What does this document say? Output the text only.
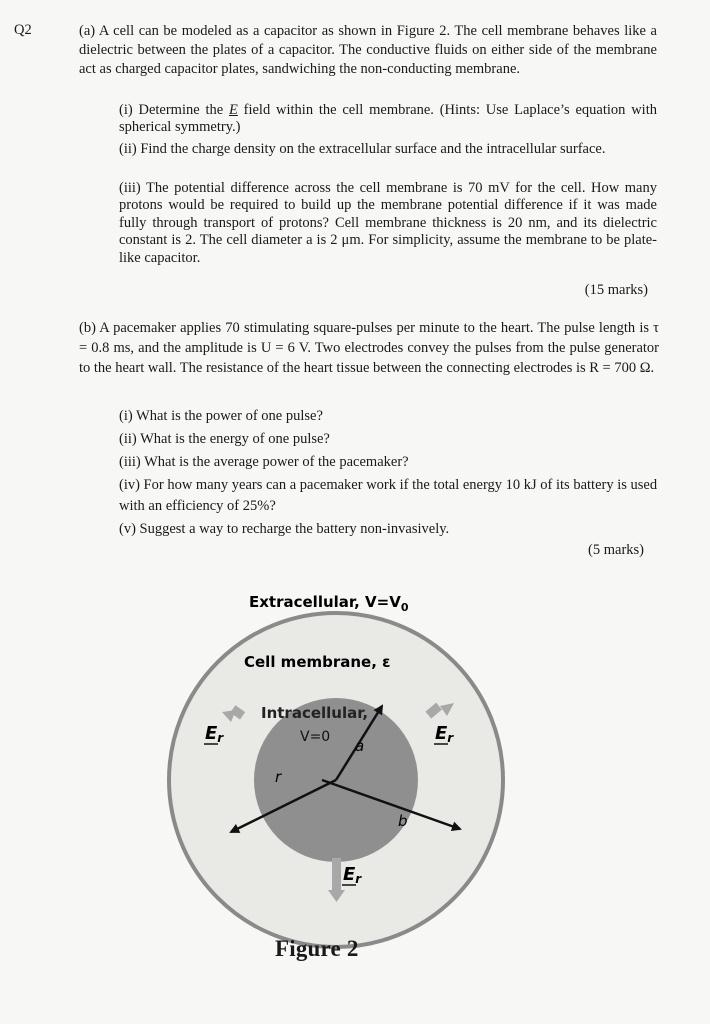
Q2	(a) A cell can be modeled as a capacitor as shown in Figure 2. The cell membrane behaves like a dielectric between the plates of a capacitor. The conductive fluids on either side of the membrane act as charged capacitor plates, sandwiching the non-conducting membrane.
(i) Determine the E field within the cell membrane. (Hints: Use Laplace’s equation with spherical symmetry.)
(ii) Find the charge density on the extracellular surface and the intracellular surface.
(iii) The potential difference across the cell membrane is 70 mV for the cell. How many protons would be required to build up the membrane potential difference if it was made fully through transport of protons? Cell membrane thickness is 20 nm, and its dielectric constant is 2. The cell diameter a is 2 μm. For simplicity, assume the membrane to be plate-like capacitor.
(15 marks)
(b) A pacemaker applies 70 stimulating square-pulses per minute to the heart. The pulse length is τ = 0.8 ms, and the amplitude is U = 6 V. Two electrodes convey the pulses from the pulse generator to the heart wall. The resistance of the heart tissue between the connecting electrodes is R = 700 Ω.
(i) What is the power of one pulse?
(ii) What is the energy of one pulse?
(iii) What is the average power of the pacemaker?
(iv) For how many years can a pacemaker work if the total energy 10 kJ of its battery is used with an efficiency of 25%?
(v) Suggest a way to recharge the battery non-invasively.
(5 marks)
Extracellular, $V=V_0$
Cell membrane, ε
Intracellular,
V=0 a
b
r
Er	Er
Er
Figure 2
